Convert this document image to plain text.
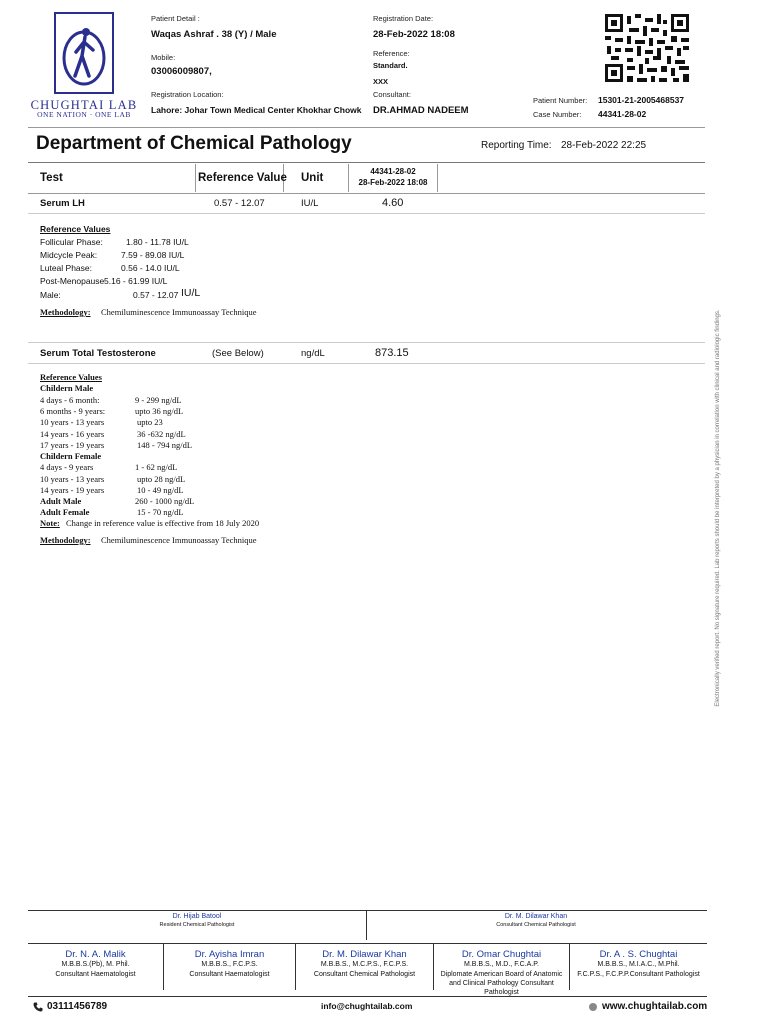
CHUGHTAI LAB
ONE NATION · ONE LAB
Patient Detail :
Waqas Ashraf . 38 (Y) / Male
Mobile:
03006009807,
Registration Location:
Lahore: Johar Town Medical Center Khokhar Chowk
Registration Date:
28-Feb-2022 18:08
Reference:
Standard.
XXX
Consultant:
DR.AHMAD NADEEM
Patient Number: 15301-21-2005468537
Case Number: 44341-28-02
Department of Chemical Pathology	Reporting Time: 28-Feb-2022 22:25
Test	Reference Value Unit
44341-28-02
28-Feb-2022 18:08
Serum LH	0.57 - 12.07	IU/L	4.60
Reference Values
Follicular Phase:	1.80 - 11.78 IU/L
Midcycle Peak:	7.59 - 89.08 IU/L
Luteal Phase:	0.56 - 14.0 IU/L
Post-Menopause 5.16 - 61.99 IU/L
Male:	0.57 - 12.07 IU/L
Methodology: Chemiluminescence Immunoassay Technique
Serum Total Testosterone	(See Below)	ng/dL	873.15
Reference Values
Childern Male
4 days - 6 month:	9 - 299 ng/dL
6 months - 9 years:	upto 36 ng/dL
10 years - 13 years	upto 23
14 years - 16 years	36 -632 ng/dL
17 years - 19 years	148 - 794 ng/dL
Childern Female
4 days - 9 years	1 - 62 ng/dL
10 years - 13 years	upto 28 ng/dL
14 years - 19 years	10 - 49 ng/dL
Adult Male	260 - 1000 ng/dL
Adult Female	15 - 70 ng/dL
Note: Change in reference value is effective from 18 July 2020
Methodology: Chemiluminescence Immunoassay Technique	Electronically verified report. No signature required. Lab reports should be interpreted by a physician in correlation with clinical and radiologic findings.
Dr. Hijab Batool
Resident Chemical Pathologist
Dr. M. Dilawar Khan
Consultant Chemical Pathologist
Dr. N. A. Malik
M.B.B.S.(Pb), M. Phil.
Consultant Haematologist
Dr. Ayisha Imran
M.B.B.S., F.C.P.S.
Consultant Haematologist
Dr. M. Dilawar Khan
M.B.B.S., M.C.P.S., F.C.P.S.
Consultant Chemical Pathologist
Dr. Omar Chughtai
M.B.B.S., M.D., F.C.A.P.
Diplomate American Board of Anatomic and Clinical Pathology Consultant Pathologist
Dr. A . S. Chughtai
M.B.B.S., M.I.A.C., M.Phil.
F.C.P.S., F.C.P.P.Consultant Pathologist
03111456789	info@chughtailab.com	www.chughtailab.com
